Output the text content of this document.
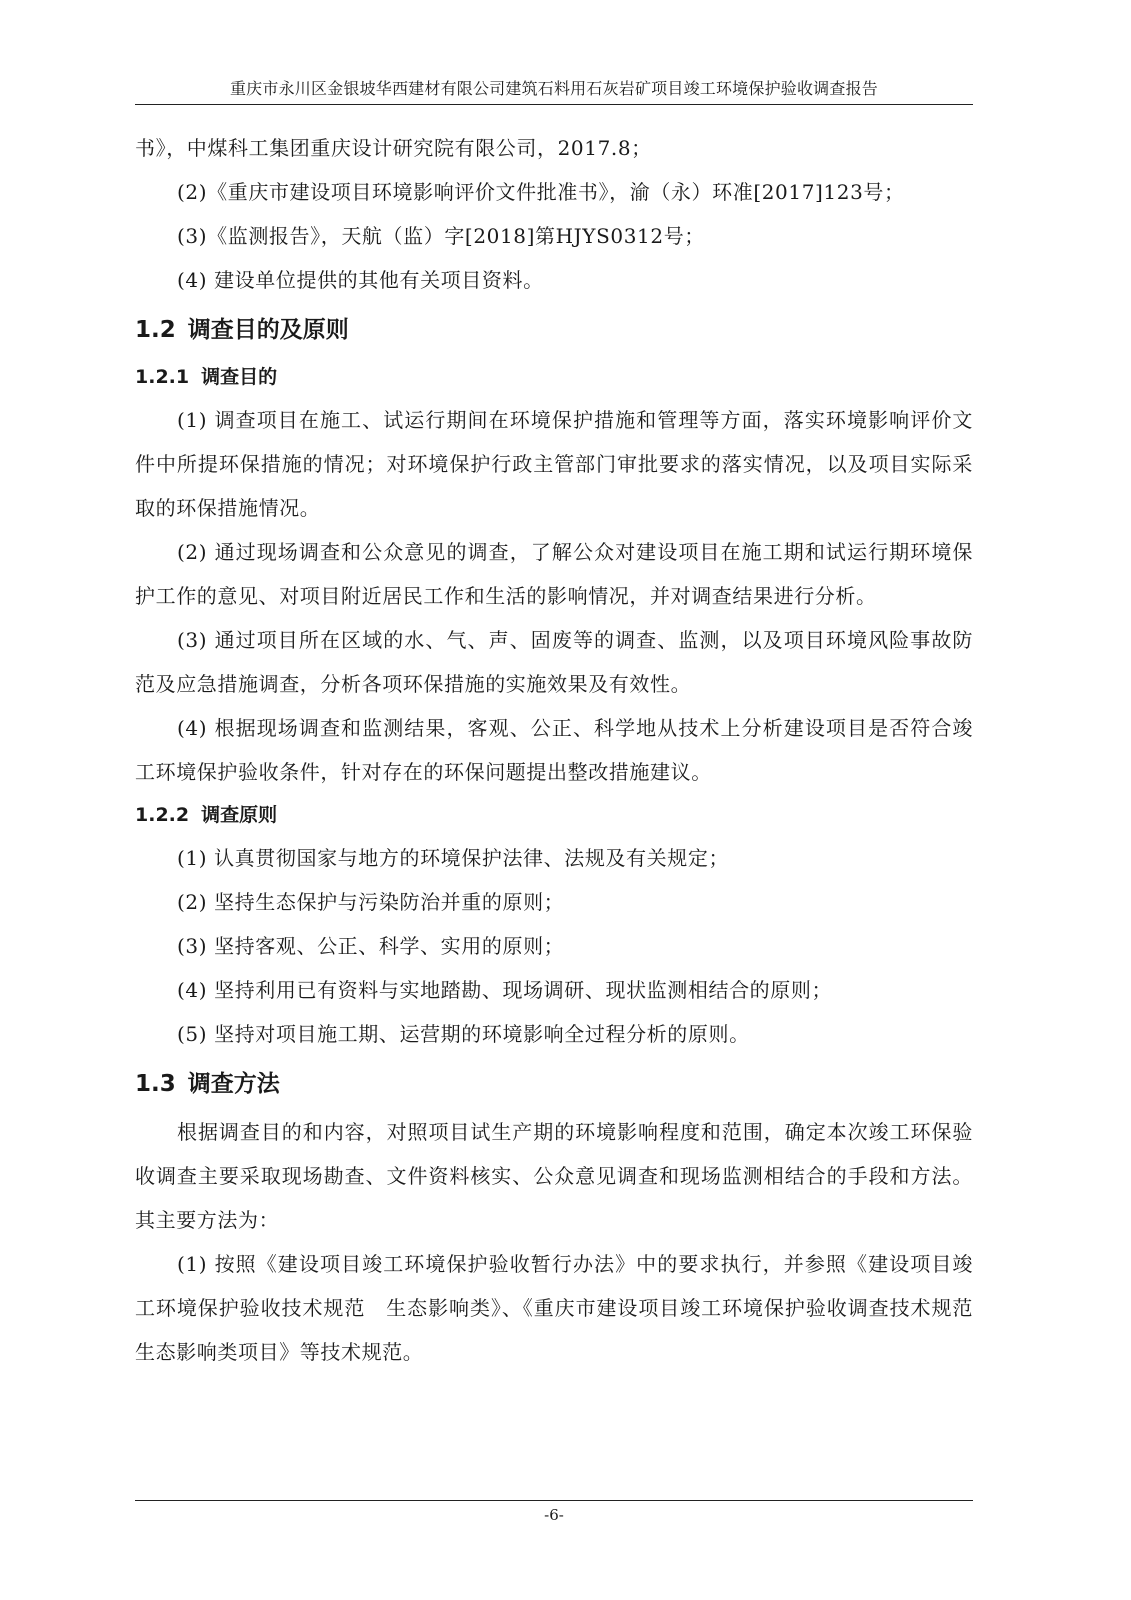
重庆市永川区金银坡华西建材有限公司建筑石料用石灰岩矿项目竣工环境保护验收调查报告

书》，中煤科工集团重庆设计研究院有限公司，2017.8；

(2)《重庆市建设项目环境影响评价文件批准书》，渝（永）环准[2017]123号；

(3)《监测报告》，天航（监）字[2018]第HJYS0312号；

(4) 建设单位提供的其他有关项目资料。

1.2 调查目的及原则
1.2.1 调查目的

(1) 调查项目在施工、试运行期间在环境保护措施和管理等方面，落实环境影响评价文件中所提环保措施的情况；对环境保护行政主管部门审批要求的落实情况，以及项目实际采取的环保措施情况。

(2) 通过现场调查和公众意见的调查，了解公众对建设项目在施工期和试运行期环境保护工作的意见、对项目附近居民工作和生活的影响情况，并对调查结果进行分析。

(3) 通过项目所在区域的水、气、声、固废等的调查、监测，以及项目环境风险事故防范及应急措施调查，分析各项环保措施的实施效果及有效性。

(4) 根据现场调查和监测结果，客观、公正、科学地从技术上分析建设项目是否符合竣工环境保护验收条件，针对存在的环保问题提出整改措施建议。

1.2.2 调查原则

(1) 认真贯彻国家与地方的环境保护法律、法规及有关规定；

(2) 坚持生态保护与污染防治并重的原则；

(3) 坚持客观、公正、科学、实用的原则；

(4) 坚持利用已有资料与实地踏勘、现场调研、现状监测相结合的原则；

(5) 坚持对项目施工期、运营期的环境影响全过程分析的原则。

1.3 调查方法

根据调查目的和内容，对照项目试生产期的环境影响程度和范围，确定本次竣工环保验收调查主要采取现场勘查、文件资料核实、公众意见调查和现场监测相结合的手段和方法。其主要方法为：

(1) 按照《建设项目竣工环境保护验收暂行办法》中的要求执行，并参照《建设项目竣工环境保护验收技术规范　生态影响类》、《重庆市建设项目竣工环境保护验收调查技术规范　生态影响类项目》等技术规范。

-6-
